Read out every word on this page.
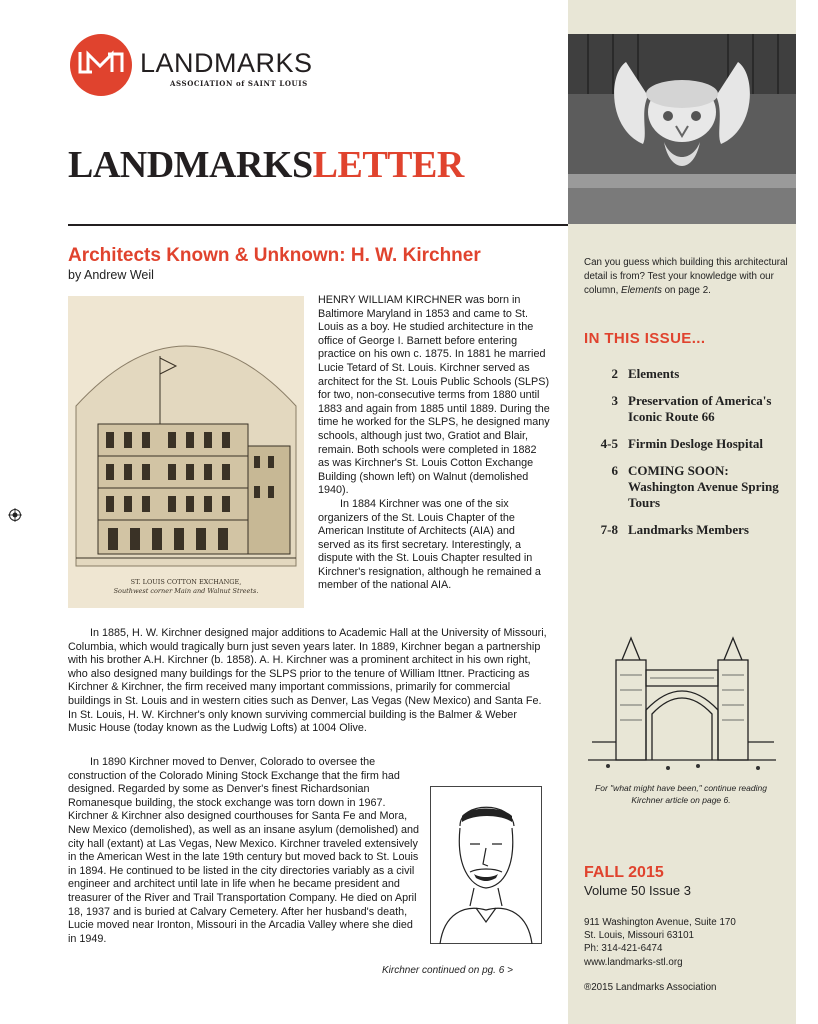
LANDMARKS
ASSOCIATION of SAINT LOUIS
LANDMARKSLETTER
Can you guess which building this architectural detail is from? Test your knowledge with our column, Elements on page 2.
IN THIS ISSUE...
2 Elements
3 Preservation of America's Iconic Route 66
4-5 Firmin Desloge Hospital
6 COMING SOON: Washington Avenue Spring Tours
7-8 Landmarks Members
For "what might have been," continue reading Kirchner article on page 6.
FALL 2015
Volume 50 Issue 3
911 Washington Avenue, Suite 170
St. Louis, Missouri 63101
Ph: 314-421-6474
www.landmarks-stl.org
®2015 Landmarks Association
Architects Known & Unknown: H. W. Kirchner
by Andrew Weil
ST. LOUIS COTTON EXCHANGE,
Southwest corner Main and Walnut Streets.

HENRY WILLIAM KIRCHNER was born in Baltimore Maryland in 1853 and came to St. Louis as a boy. He studied architecture in the office of George I. Barnett before entering practice on his own c. 1875. In 1881 he married Lucie Tetard of St. Louis. Kirchner served as architect for the St. Louis Public Schools (SLPS) for two, non-consecutive terms from 1880 until 1883 and again from 1885 until 1889. During the time he worked for the SLPS, he designed many schools, although just two, Gratiot and Blair, remain. Both schools were completed in 1882 as was Kirchner's St. Louis Cotton Exchange Building (shown left) on Walnut (demolished 1940).

In 1884 Kirchner was one of the six organizers of the St. Louis Chapter of the American Institute of Architects (AIA) and served as its first secretary. Interestingly, a dispute with the St. Louis Chapter resulted in Kirchner's resignation, although he remained a member of the national AIA.

In 1885, H. W. Kirchner designed major additions to Academic Hall at the University of Missouri, Columbia, which would tragically burn just seven years later. In 1889, Kirchner began a partnership with his brother A.H. Kirchner (b. 1858). A. H. Kirchner was a prominent architect in his own right, who also designed many buildings for the SLPS prior to the tenure of William Ittner. Practicing as Kirchner & Kirchner, the firm received many important commissions, primarily for commercial buildings in St. Louis and in western cities such as Denver, Las Vegas (New Mexico) and Santa Fe. In St. Louis, H. W. Kirchner's only known surviving commercial building is the Balmer & Weber Music House (today known as the Ludwig Lofts) at 1004 Olive.

In 1890 Kirchner moved to Denver, Colorado to oversee the construction of the Colorado Mining Stock Exchange that the firm had designed. Regarded by some as Denver's finest Richardsonian Romanesque building, the stock exchange was torn down in 1967. Kirchner & Kirchner also designed courthouses for Santa Fe and Mora, New Mexico (demolished), as well as an insane asylum (demolished) and city hall (extant) at Las Vegas, New Mexico. Kirchner traveled extensively in the American West in the late 19th century but moved back to St. Louis in 1894. He continued to be listed in the city directories variably as a civil engineer and architect until late in life when he became president and treasurer of the River and Trail Transportation Company. He died on April 18, 1937 and is buried at Calvary Cemetery. After her husband's death, Lucie moved near Ironton, Missouri in the Arcadia Valley where she died in 1949.

Kirchner continued on pg. 6 >
